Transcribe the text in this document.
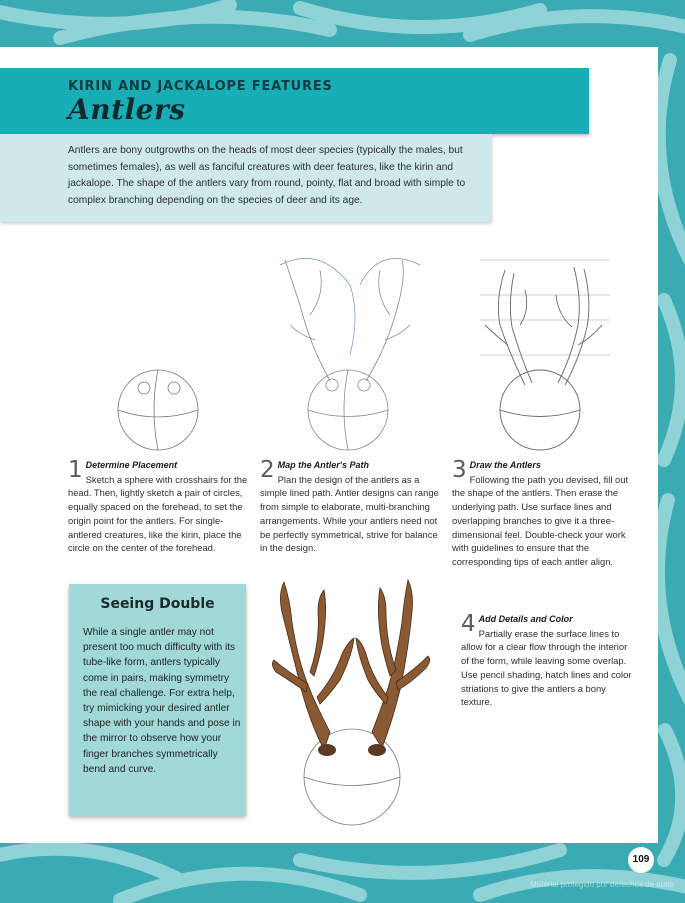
KIRIN AND JACKALOPE FEATURES
Antlers

Antlers are bony outgrowths on the heads of most deer species (typically the males, but sometimes females), as well as fanciful creatures with deer features, like the kirin and jackalope. The shape of the antlers vary from round, pointy, flat and broad with simple to complex branching depending on the species of deer and its age.

1 Determine Placement
Sketch a sphere with crosshairs for the head. Then, lightly sketch a pair of circles, equally spaced on the forehead, to set the origin point for the antlers. For single-antlered creatures, like the kirin, place the circle on the center of the forehead.
2 Map the Antler's Path
Plan the design of the antlers as a simple lined path. Antler designs can range from simple to elaborate, multi-branching arrangements. While your antlers need not be perfectly symmetrical, strive for balance in the design.
3 Draw the Antlers
Following the path you devised, fill out the shape of the antlers. Then erase the underlying path. Use surface lines and overlapping branches to give it a three-dimensional feel. Double-check your work with guidelines to ensure that the corresponding tips of each antler align.
4 Add Details and Color
Partially erase the surface lines to allow for a clear flow through the interior of the form, while leaving some overlap. Use pencil shading, hatch lines and color striations to give the antlers a bony texture.
Seeing Double

While a single antler may not present too much difficulty with its tube-like form, antlers typically come in pairs, making symmetry the real challenge. For extra help, try mimicking your desired antler shape with your hands and pose in the mirror to observe how your finger branches symmetrically bend and curve.

109

Material protegido por derechos de autor
